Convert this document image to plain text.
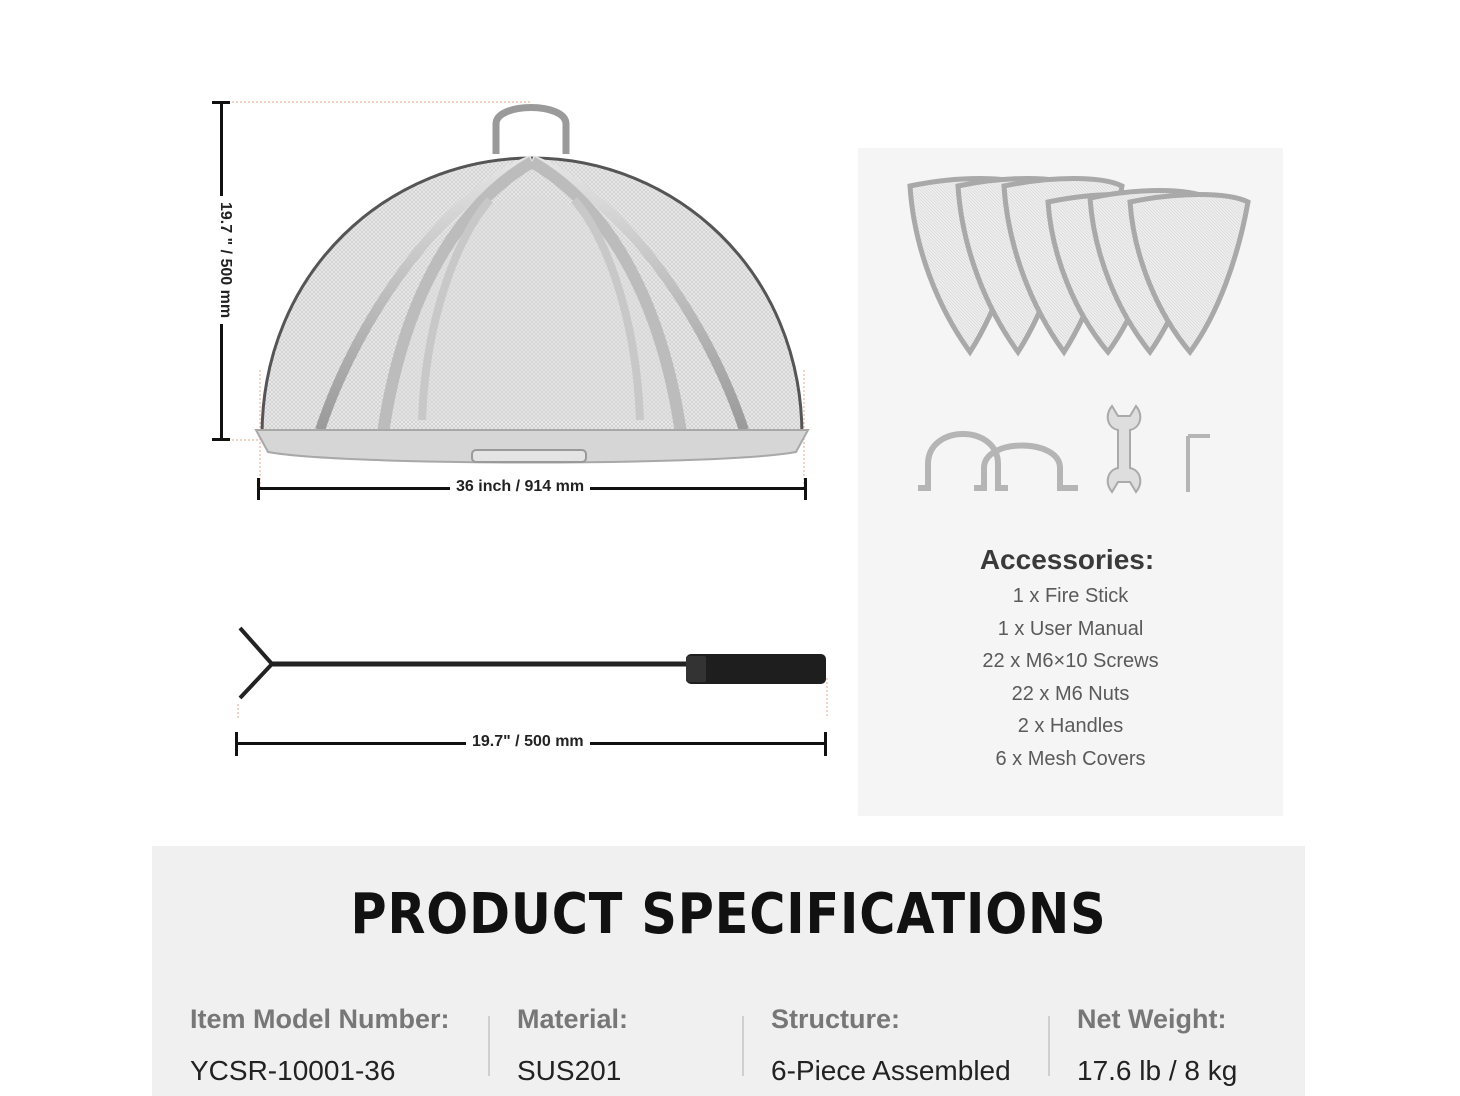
19.7 " / 500 mm
36 inch / 914 mm
19.7" / 500 mm
Accessories:
1 x Fire Stick
1 x User Manual
22 x M6×10 Screws
22 x M6 Nuts
2 x Handles
6 x Mesh Covers
PRODUCT SPECIFICATIONS
Item Model Number:
YCSR-10001-36
Material:
SUS201
Structure:
6-Piece Assembled
Net Weight:
17.6 lb / 8 kg
